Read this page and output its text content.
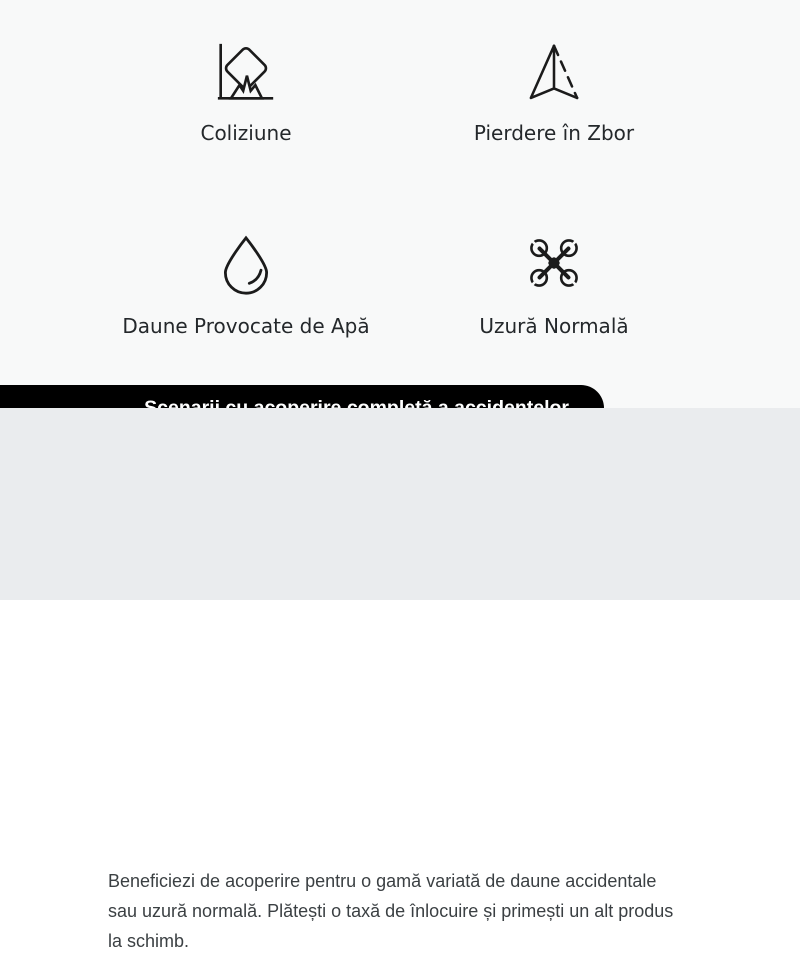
Coliziune	Pierdere în Zbor
Daune Provocate de Apă	Uzură Normală
Beneficiezi de acoperire pentru o gamă variată de daune accidentale
sau uzură normală. Plătești o taxă de înlocuire și primești un alt produs
la schimb.
